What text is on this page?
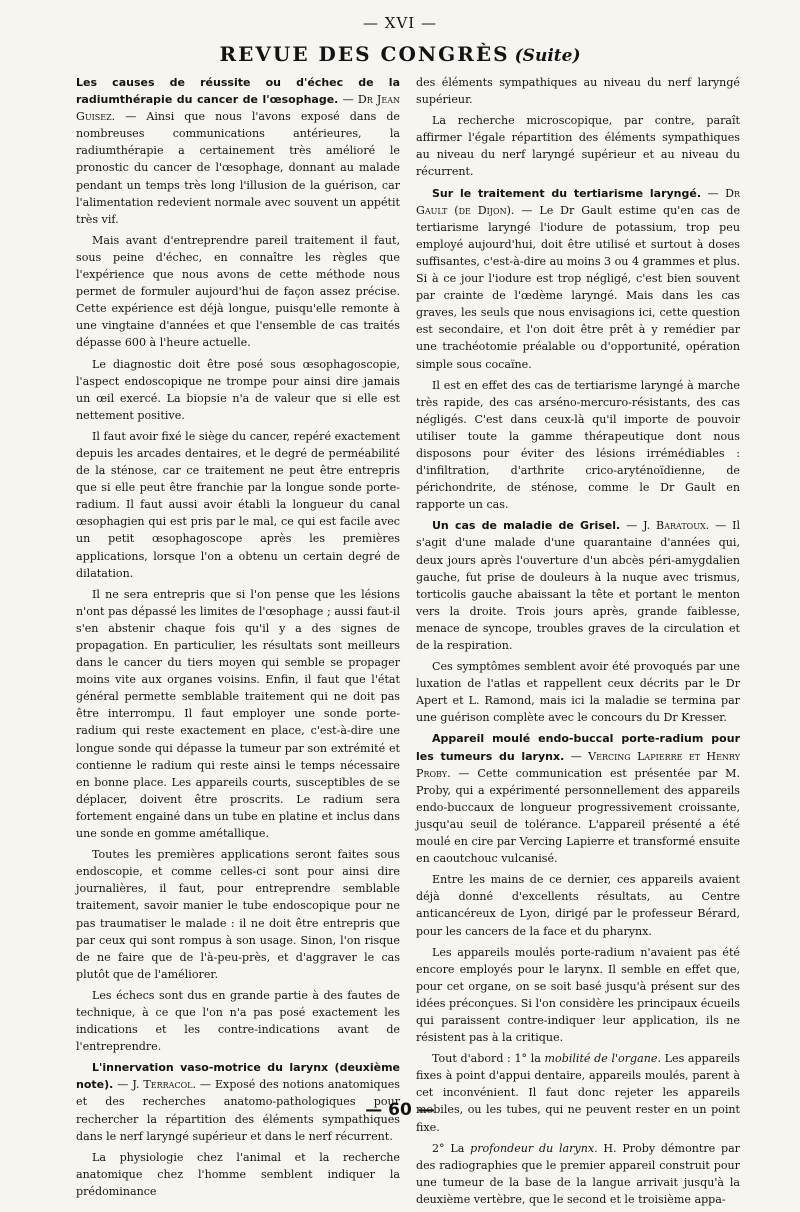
— XVI —
REVUE DES CONGRÈS (Suite)

Les causes de réussite ou d'échec de la radiumthérapie du cancer de l'œsophage. — Dr Jean Guisez. — Ainsi que nous l'avons exposé dans de nombreuses communications antérieures, la radiumthérapie a certainement très amélioré le pronostic du cancer de l'œsophage, donnant au malade pendant un temps très long l'illusion de la guérison, car l'alimentation redevient normale avec souvent un appétit très vif.

Mais avant d'entreprendre pareil traitement il faut, sous peine d'échec, en connaître les règles que l'expérience que nous avons de cette méthode nous permet de formuler aujourd'hui de façon assez précise. Cette expérience est déjà longue, puisqu'elle remonte à une vingtaine d'années et que l'ensemble de cas traités dépasse 600 à l'heure actuelle.

Le diagnostic doit être posé sous œsophagoscopie, l'aspect endoscopique ne trompe pour ainsi dire jamais un œil exercé. La biopsie n'a de valeur que si elle est nettement positive.

Il faut avoir fixé le siège du cancer, repéré exactement depuis les arcades dentaires, et le degré de perméabilité de la sténose, car ce traitement ne peut être entrepris que si elle peut être franchie par la longue sonde porte-radium. Il faut aussi avoir établi la longueur du canal œsophagien qui est pris par le mal, ce qui est facile avec un petit œsophagoscope après les premières applications, lorsque l'on a obtenu un certain degré de dilatation.

Il ne sera entrepris que si l'on pense que les lésions n'ont pas dépassé les limites de l'œsophage ; aussi faut-il s'en abstenir chaque fois qu'il y a des signes de propagation. En particulier, les résultats sont meilleurs dans le cancer du tiers moyen qui semble se propager moins vite aux organes voisins. Enfin, il faut que l'état général permette semblable traitement qui ne doit pas être interrompu. Il faut employer une sonde porte-radium qui reste exactement en place, c'est-à-dire une longue sonde qui dépasse la tumeur par son extrémité et contienne le radium qui reste ainsi le temps nécessaire en bonne place. Les appareils courts, susceptibles de se déplacer, doivent être proscrits. Le radium sera fortement engainé dans un tube en platine et inclus dans une sonde en gomme amétallique.

Toutes les premières applications seront faites sous endoscopie, et comme celles-ci sont pour ainsi dire journalières, il faut, pour entreprendre semblable traitement, savoir manier le tube endoscopique pour ne pas traumatiser le malade : il ne doit être entrepris que par ceux qui sont rompus à son usage. Sinon, l'on risque de ne faire que de l'à-peu-près, et d'aggraver le cas plutôt que de l'améliorer.

Les échecs sont dus en grande partie à des fautes de technique, à ce que l'on n'a pas posé exactement les indications et les contre-indications avant de l'entreprendre.

L'innervation vaso-motrice du larynx (deuxième note). — J. Terracol. — Exposé des notions anatomiques et des recherches anatomo-pathologiques pour rechercher la répartition des éléments sympathiques dans le nerf laryngé supérieur et dans le nerf récurrent.

La physiologie chez l'animal et la recherche anatomique chez l'homme semblent indiquer la prédominance

des éléments sympathiques au niveau du nerf laryngé supérieur.

La recherche microscopique, par contre, paraît affirmer l'égale répartition des éléments sympathiques au niveau du nerf laryngé supérieur et au niveau du récurrent.

Sur le traitement du tertiarisme laryngé. — Dr Gault (de Dijon). — Le Dr Gault estime qu'en cas de tertiarisme laryngé l'iodure de potassium, trop peu employé aujourd'hui, doit être utilisé et surtout à doses suffisantes, c'est-à-dire au moins 3 ou 4 grammes et plus. Si à ce jour l'iodure est trop négligé, c'est bien souvent par crainte de l'œdème laryngé. Mais dans les cas graves, les seuls que nous envisagions ici, cette question est secondaire, et l'on doit être prêt à y remédier par une trachéotomie préalable ou d'opportunité, opération simple sous cocaïne.

Il est en effet des cas de tertiarisme laryngé à marche très rapide, des cas arséno-mercuro-résistants, des cas négligés. C'est dans ceux-là qu'il importe de pouvoir utiliser toute la gamme thérapeutique dont nous disposons pour éviter des lésions irrémédiables : d'infiltration, d'arthrite crico-aryténoïdienne, de périchondrite, de sténose, comme le Dr Gault en rapporte un cas.

Un cas de maladie de Grisel. — J. Baratoux. — Il s'agit d'une malade d'une quarantaine d'années qui, deux jours après l'ouverture d'un abcès péri-amygdalien gauche, fut prise de douleurs à la nuque avec trismus, torticolis gauche abaissant la tête et portant le menton vers la droite. Trois jours après, grande faiblesse, menace de syncope, troubles graves de la circulation et de la respiration.

Ces symptômes semblent avoir été provoqués par une luxation de l'atlas et rappellent ceux décrits par le Dr Apert et L. Ramond, mais ici la maladie se termina par une guérison complète avec le concours du Dr Kresser.

Appareil moulé endo-buccal porte-radium pour les tumeurs du larynx. — Vercing Lapierre et Henry Proby. — Cette communication est présentée par M. Proby, qui a expérimenté personnellement des appareils endo-buccaux de longueur progressivement croissante, jusqu'au seuil de tolérance. L'appareil présenté a été moulé en cire par Vercing Lapierre et transformé ensuite en caoutchouc vulcanisé.

Entre les mains de ce dernier, ces appareils avaient déjà donné d'excellents résultats, au Centre anticancéreux de Lyon, dirigé par le professeur Bérard, pour les cancers de la face et du pharynx.

Les appareils moulés porte-radium n'avaient pas été encore employés pour le larynx. Il semble en effet que, pour cet organe, on se soit basé jusqu'à présent sur des idées préconçues. Si l'on considère les principaux écueils qui paraissent contre-indiquer leur application, ils ne résistent pas à la critique.

Tout d'abord : 1° la mobilité de l'organe. Les appareils fixes à point d'appui dentaire, appareils moulés, parent à cet inconvénient. Il faut donc rejeter les appareils mobiles, ou les tubes, qui ne peuvent rester en un point fixe.

2° La profondeur du larynx. H. Proby démontre par des radiographies que le premier appareil construit pour une tumeur de la base de la langue arrivait jusqu'à la deuxième vertèbre, que le second et le troisième appa-

— 60 —
